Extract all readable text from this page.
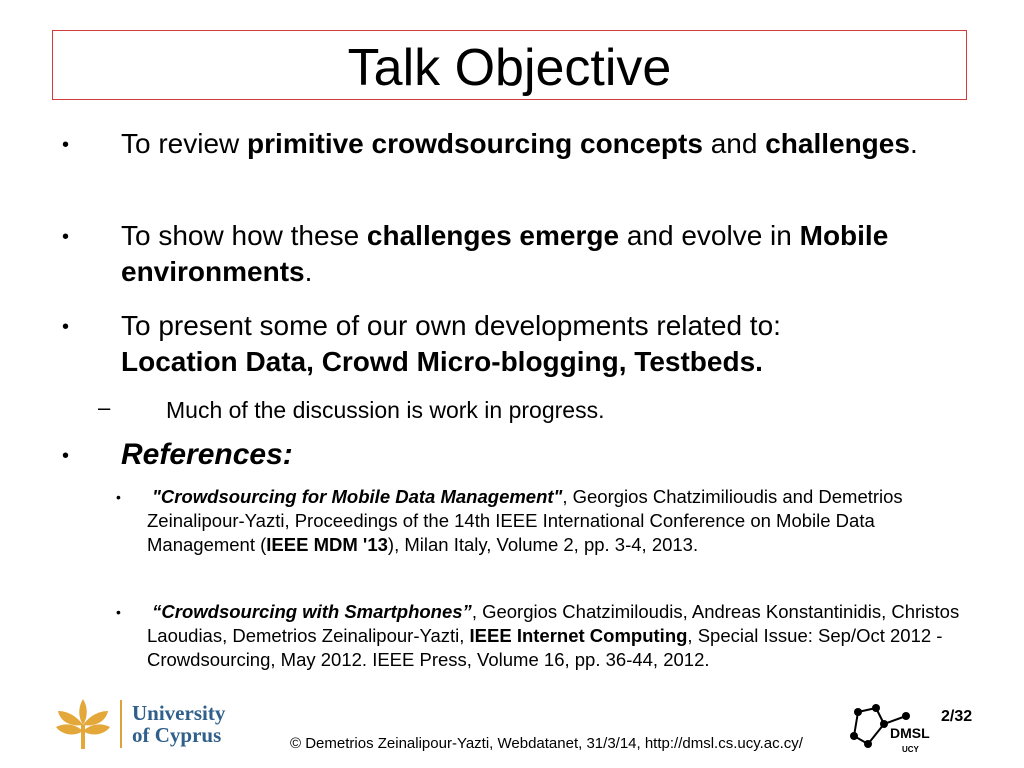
Talk Objective
• To review primitive crowdsourcing concepts and challenges.
• To show how these challenges emerge and evolve in Mobile environments.
• To present some of our own developments related to:
Location Data, Crowd Micro-blogging, Testbeds.
– Much of the discussion is work in progress.
• References:
• "Crowdsourcing for Mobile Data Management", Georgios Chatzimilioudis and Demetrios Zeinalipour-Yazti, Proceedings of the 14th IEEE International Conference on Mobile Data Management (IEEE MDM '13), Milan Italy, Volume 2, pp. 3-4, 2013.
• “Crowdsourcing with Smartphones”, Georgios Chatzimiloudis, Andreas Konstantinidis, Christos Laoudias, Demetrios Zeinalipour-Yazti, IEEE Internet Computing, Special Issue: Sep/Oct 2012 - Crowdsourcing, May 2012. IEEE Press, Volume 16, pp. 36-44, 2012.
University
of Cyprus	© Demetrios Zeinalipour-Yazti, Webdatanet, 31/3/14, http://dmsl.cs.ucy.ac.cy/
DMSL
UCY
2/32
